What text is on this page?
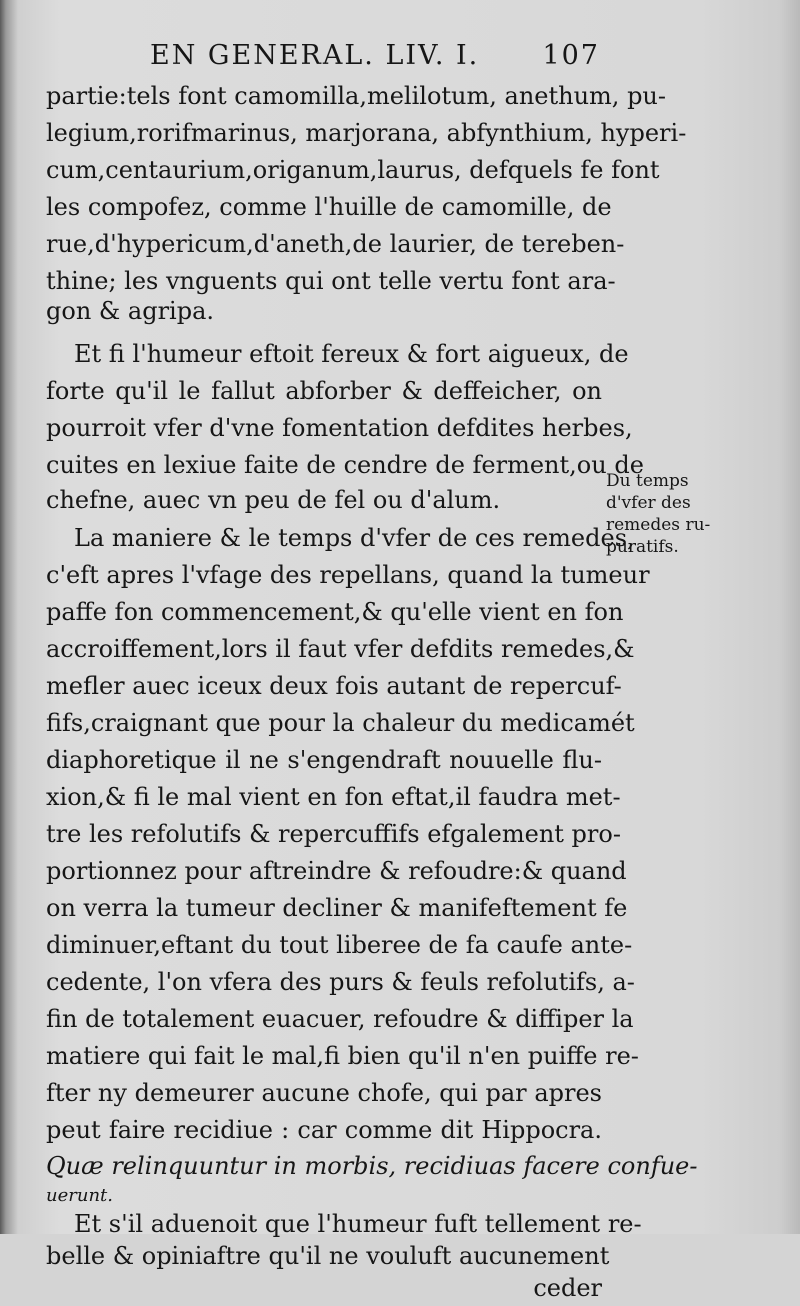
EN GENERAL. LIV. I. 107
partie:tels font camomilla,melilotum, anethum, pu-
legium,rorifmarinus, marjorana, abfynthium, hyperi-
cum,centaurium,origanum,laurus, defquels fe font
les compofez, comme l'huille de camomille, de
rue,d'hypericum,d'aneth,de laurier, de tereben-
thine; les vnguents qui ont telle vertu font ara-
gon & agripa.
Et fi l'humeur eftoit fereux & fort aigueux, de
forte qu'il le fallut abforber & deffeicher, on
pourroit vfer d'vne fomentation defdites herbes,
cuites en lexiue faite de cendre de ferment,ou de
chefne, auec vn peu de fel ou d'alum.
La maniere & le temps d'vfer de ces remedes,
c'eft apres l'vfage des repellans, quand la tumeur
paffe fon commencement,& qu'elle vient en fon
accroiffement,lors il faut vfer defdits remedes,&
mefler auec iceux deux fois autant de repercuf-
fifs,craignant que pour la chaleur du medicamét
diaphoretique il ne s'engendraft nouuelle flu-
xion,& fi le mal vient en fon eftat,il faudra met-
tre les refolutifs & repercuffifs efgalement pro-
portionnez pour aftreindre & refoudre:& quand
on verra la tumeur decliner & manifeftement fe
diminuer,eftant du tout liberee de fa caufe ante-
cedente, l'on vfera des purs & feuls refolutifs, a-
fin de totalement euacuer, refoudre & diffiper la
matiere qui fait le mal,fi bien qu'il n'en puiffe re-
fter ny demeurer aucune chofe, qui par apres
peut faire recidiue : car comme dit Hippocra.
Quæ relinquuntur in morbis, recidiuas facere confue-
uerunt.
Et s'il aduenoit que l'humeur fuft tellement re-
belle & opiniaftre qu'il ne vouluft aucunement
ceder
Du temps
d'vfer des
remedes ru-
puratifs.
